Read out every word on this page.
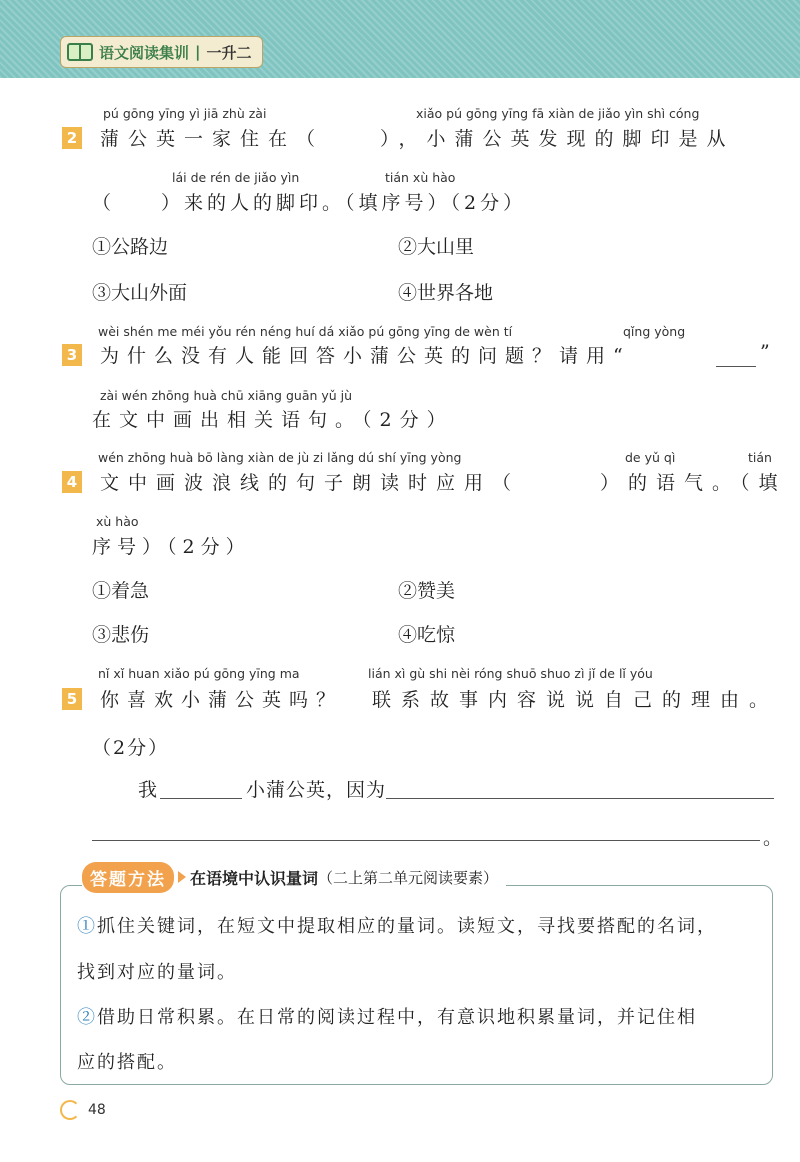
语文阅读集训 | 一升二
pú gōng yīng yì jiā zhù zài	xiǎo pú gōng yīng fā xiàn de jiǎo yìn shì cóng
2 蒲公英一家住在（	），小蒲公英发现的脚印是从
lái de rén de jiǎo yìn	tián xù hào
（　　）来的人的脚印。（填序号）（2分）
①公路边	②大山里
③大山外面	④世界各地
wèi shén me méi yǒu rén néng huí dá xiǎo pú gōng yīng de wèn tí	qǐng yòng
3 为什么没有人能回答小蒲公英的问题？请用“	”
zài wén zhōng huà chū xiāng guān yǔ jù
在文中画出相关语句。（2分）
wén zhōng huà bō làng xiàn de jù zi lǎng dú shí yīng yòng	de yǔ qì	tián
4 文中画波浪线的句子朗读时应用（	）的语气。（填
xù hào
序号）（2分）
①着急	②赞美
③悲伤	④吃惊
nǐ xǐ huan xiǎo pú gōng yīng ma	lián xì gù shi nèi róng shuō shuo zì jǐ de lǐ yóu
5 你喜欢小蒲公英吗？ 联系故事内容说说自己的理由。
（2分）
我	小蒲公英，因为
。
答题方法	在语境中认识量词 （二上第二单元阅读要素）
①抓住关键词，在短文中提取相应的量词。读短文，寻找要搭配的名词，
找到对应的量词。
②借助日常积累。在日常的阅读过程中，有意识地积累量词，并记住相
应的搭配。
48
